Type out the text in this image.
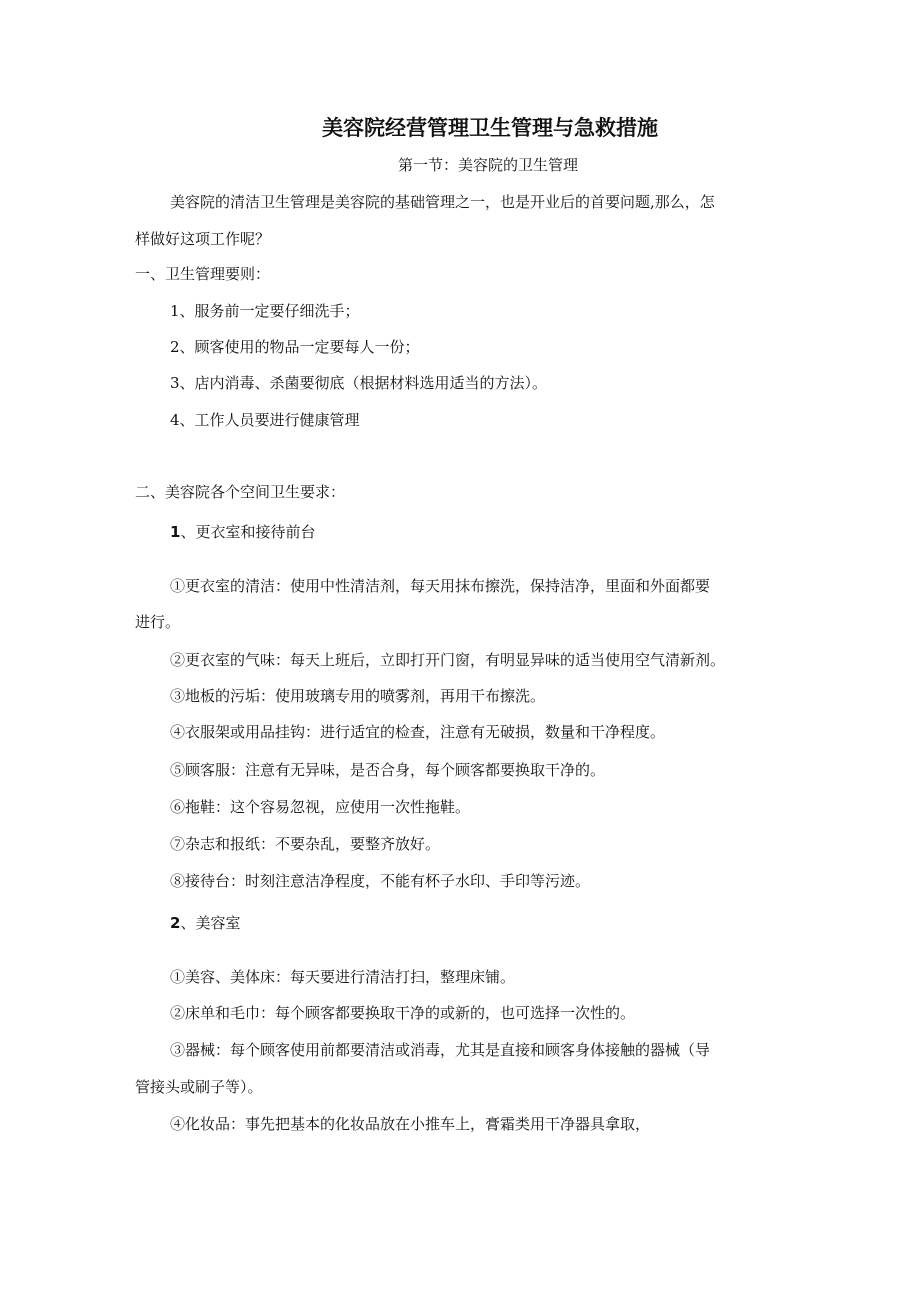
美容院经营管理卫生管理与急救措施
第一节：美容院的卫生管理
美容院的清洁卫生管理是美容院的基础管理之一，也是开业后的首要问题,那么，怎
样做好这项工作呢？
一、卫生管理要则：
1、服务前一定要仔细洗手；
2、顾客使用的物品一定要每人一份；
3、店内消毒、杀菌要彻底（根据材料选用适当的方法）。
4、工作人员要进行健康管理
二、美容院各个空间卫生要求：
1、更衣室和接待前台
①更衣室的清洁：使用中性清洁剂，每天用抹布擦洗，保持洁净，里面和外面都要
进行。
②更衣室的气味：每天上班后，立即打开门窗，有明显异味的适当使用空气清新剂。
③地板的污垢：使用玻璃专用的喷雾剂，再用干布擦洗。
④衣服架或用品挂钩：进行适宜的检查，注意有无破损，数量和干净程度。
⑤顾客服：注意有无异味，是否合身，每个顾客都要换取干净的。
⑥拖鞋：这个容易忽视，应使用一次性拖鞋。
⑦杂志和报纸：不要杂乱，要整齐放好。
⑧接待台：时刻注意洁净程度，不能有杯子水印、手印等污迹。
2、美容室
①美容、美体床：每天要进行清洁打扫，整理床铺。
②床单和毛巾：每个顾客都要换取干净的或新的，也可选择一次性的。
③器械：每个顾客使用前都要清洁或消毒，尤其是直接和顾客身体接触的器械（导
管接头或刷子等）。
④化妆品：事先把基本的化妆品放在小推车上，膏霜类用干净器具拿取，
